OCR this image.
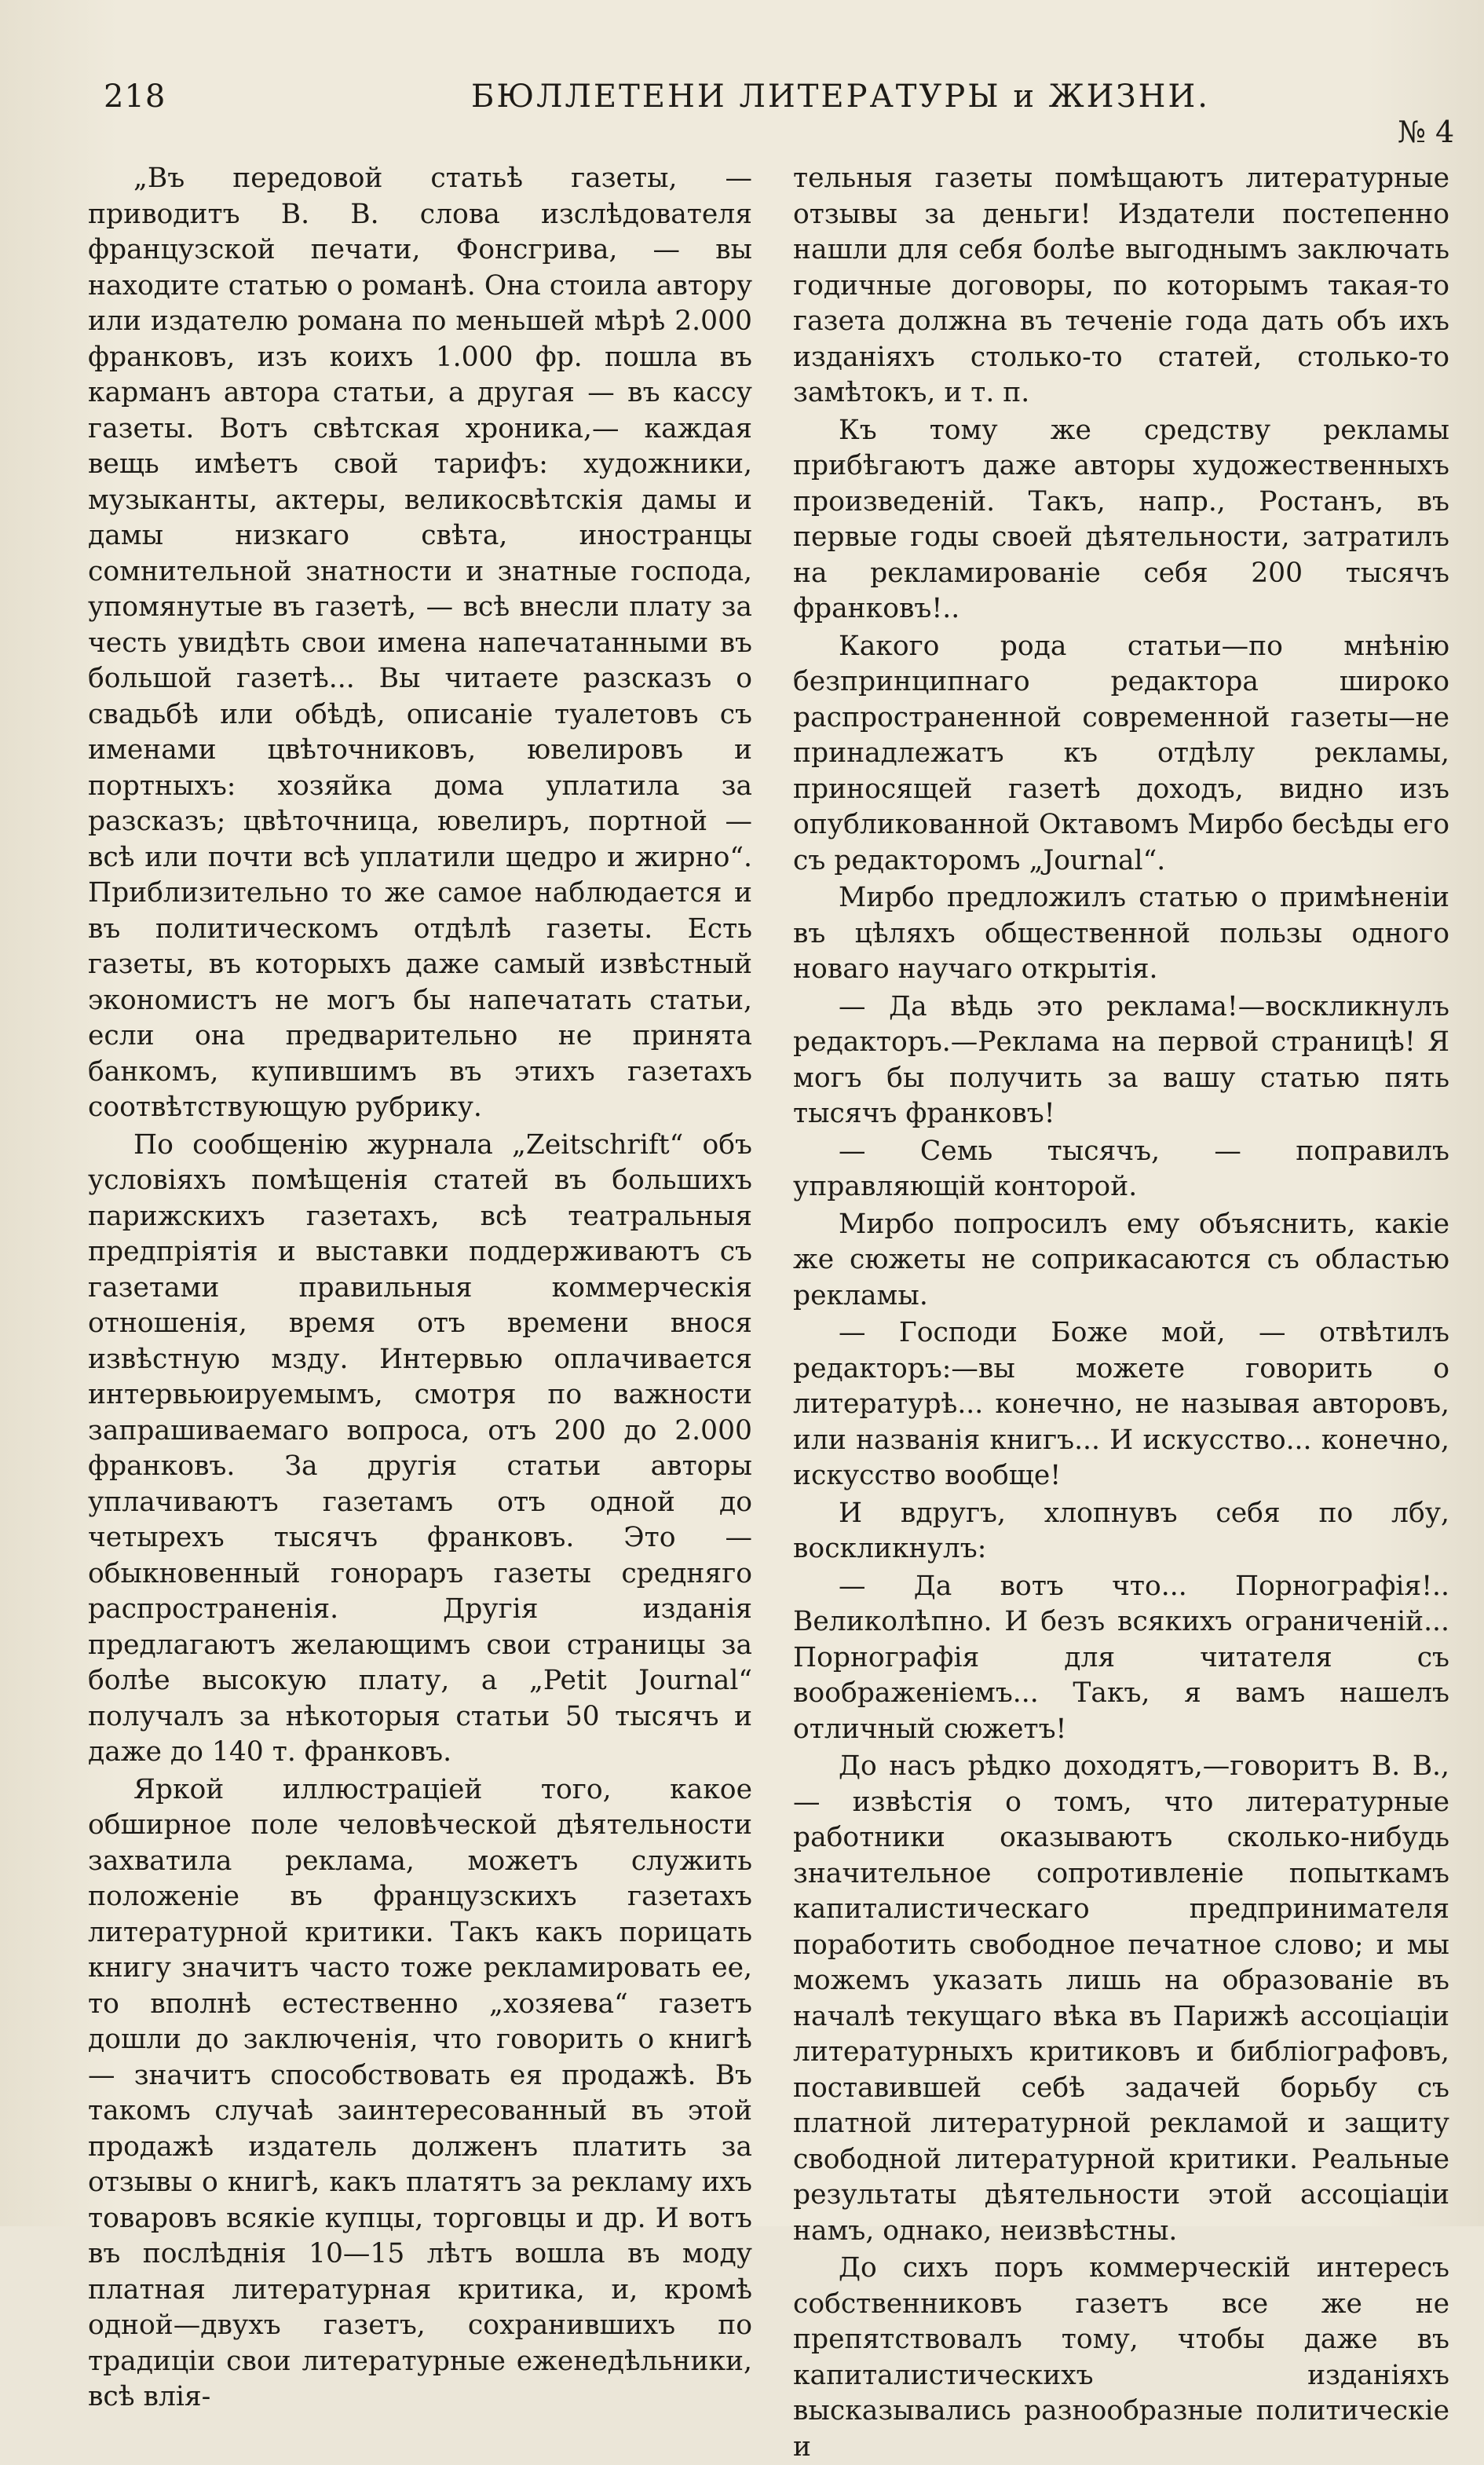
218	БЮЛЛЕТЕНИ ЛИТЕРАТУРЫ и ЖИЗНИ.
№ 4

„Въ передовой статьѣ газеты, — приводитъ В. В. слова изслѣдователя французской печати, Фонсгрива, — вы находите статью о романѣ. Она стоила автору или издателю романа по меньшей мѣрѣ 2.000 франковъ, изъ коихъ 1.000 фр. пошла въ карманъ автора статьи, а другая — въ кассу газеты. Вотъ свѣтская хроника,— каждая вещь имѣетъ свой тарифъ: художники, музыканты, актеры, великосвѣтскія дамы и дамы низкаго свѣта, иностранцы сомнительной знатности и знатные господа, упомянутые въ газетѣ, — всѣ внесли плату за честь увидѣть свои имена напечатанными въ большой газетѣ... Вы читаете разсказъ о свадьбѣ или обѣдѣ, описаніе туалетовъ съ именами цвѣточниковъ, ювелировъ и портныхъ: хозяйка дома уплатила за разсказъ; цвѣточница, ювелиръ, портной — всѣ или почти всѣ уплатили щедро и жирно“. Приблизительно то же самое наблюдается и въ политическомъ отдѣлѣ газеты. Есть газеты, въ которыхъ даже самый извѣстный экономистъ не могъ бы напечатать статьи, если она предварительно не принята банкомъ, купившимъ въ этихъ газетахъ соотвѣтствующую рубрику.

По сообщенію журнала „Zeitschrift“ объ условіяхъ помѣщенія статей въ большихъ парижскихъ газетахъ, всѣ театральныя предпріятія и выставки поддерживаютъ съ газетами правильныя коммерческія отношенія, время отъ времени внося извѣстную мзду. Интервью оплачивается интервьюируемымъ, смотря по важности запрашиваемаго вопроса, отъ 200 до 2.000 франковъ. За другія статьи авторы уплачиваютъ газетамъ отъ одной до четырехъ тысячъ франковъ. Это — обыкновенный гонораръ газеты средняго распространенія. Другія изданія предлагаютъ желающимъ свои страницы за болѣе высокую плату, а „Petit Journal“ получалъ за нѣкоторыя статьи 50 тысячъ и даже до 140 т. франковъ.

Яркой иллюстраціей того, какое обширное поле человѣческой дѣятельности захватила реклама, можетъ служить положеніе въ французскихъ газетахъ литературной критики. Такъ какъ порицать книгу значитъ часто тоже рекламировать ее, то вполнѣ естественно „хозяева“ газетъ дошли до заключенія, что говорить о книгѣ — значитъ способствовать ея продажѣ. Въ такомъ случаѣ заинтересованный въ этой продажѣ издатель долженъ платить за отзывы о книгѣ, какъ платятъ за рекламу ихъ товаровъ всякіе купцы, торговцы и др. И вотъ въ послѣднія 10—15 лѣтъ вошла въ моду платная литературная критика, и, кромѣ одной—двухъ газетъ, сохранившихъ по традиціи свои литературные еженедѣльники, всѣ влія-

тельныя газеты помѣщаютъ литературные отзывы за деньги! Издатели постепенно нашли для себя болѣе выгоднымъ заключать годичные договоры, по которымъ такая-то газета должна въ теченіе года дать объ ихъ изданіяхъ столько-то статей, столько-то замѣтокъ, и т. п.

Къ тому же средству рекламы прибѣгаютъ даже авторы художественныхъ произведеній. Такъ, напр., Ростанъ, въ первые годы своей дѣятельности, затратилъ на рекламированіе себя 200 тысячъ франковъ!..

Какого рода статьи—по мнѣнію безпринципнаго редактора широко распространенной современной газеты—не принадлежатъ къ отдѣлу рекламы, приносящей газетѣ доходъ, видно изъ опубликованной Октавомъ Мирбо бесѣды его съ редакторомъ „Journal“.

Мирбо предложилъ статью о примѣненіи въ цѣляхъ общественной пользы одного новаго научаго открытія.

— Да вѣдь это реклама!—воскликнулъ редакторъ.—Реклама на первой страницѣ! Я могъ бы получить за вашу статью пять тысячъ франковъ!

— Семь тысячъ, — поправилъ управляющій конторой.

Мирбо попросилъ ему объяснить, какіе же сюжеты не соприкасаются съ областью рекламы.

— Господи Боже мой, — отвѣтилъ редакторъ:—вы можете говорить о литературѣ... конечно, не называя авторовъ, или названія книгъ... И искусство... конечно, искусство вообще!

И вдругъ, хлопнувъ себя по лбу, воскликнулъ:

— Да вотъ что... Порнографія!.. Великолѣпно. И безъ всякихъ ограниченій... Порнографія для читателя съ воображеніемъ... Такъ, я вамъ нашелъ отличный сюжетъ!

До насъ рѣдко доходятъ,—говоритъ В. В.,— извѣстія о томъ, что литературные работники оказываютъ сколько-нибудь значительное сопротивленіе попыткамъ капиталистическаго предпринимателя поработить свободное печатное слово; и мы можемъ указать лишь на образованіе въ началѣ текущаго вѣка въ Парижѣ ассоціаціи литературныхъ критиковъ и библіографовъ, поставившей себѣ задачей борьбу съ платной литературной рекламой и защиту свободной литературной критики. Реальные результаты дѣятельности этой ассоціаціи намъ, однако, неизвѣстны.

До сихъ поръ коммерческій интересъ собственниковъ газетъ все же не препятствовалъ тому, чтобы даже въ капиталистическихъ изданіяхъ высказывались разнообразные политическіе и
